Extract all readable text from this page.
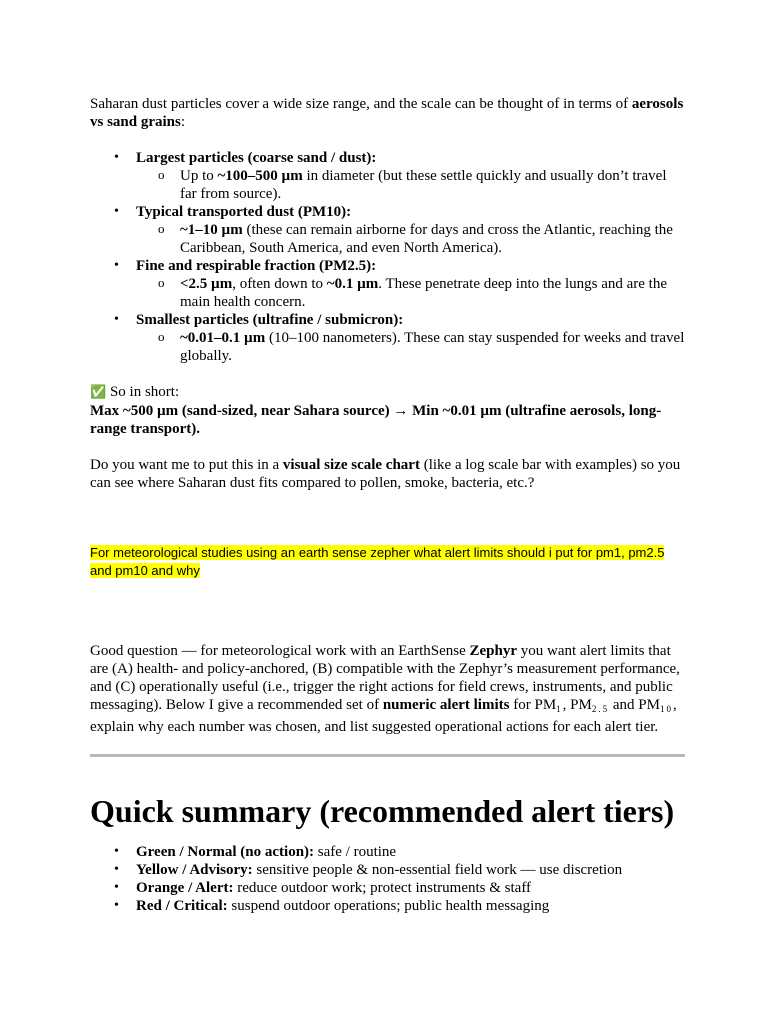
Saharan dust particles cover a wide size range, and the scale can be thought of in terms of aerosols vs sand grains:

• Largest particles (coarse sand / dust):
o Up to ~100–500 µm in diameter (but these settle quickly and usually don’t travel far from source).
• Typical transported dust (PM10):
o ~1–10 µm (these can remain airborne for days and cross the Atlantic, reaching the Caribbean, South America, and even North America).
• Fine and respirable fraction (PM2.5):
o <2.5 µm, often down to ~0.1 µm. These penetrate deep into the lungs and are the main health concern.
• Smallest particles (ultrafine / submicron):
o ~0.01–0.1 µm (10–100 nanometers). These can stay suspended for weeks and travel globally.

✅ So in short:

Max ~500 µm (sand-sized, near Sahara source) → Min ~0.01 µm (ultrafine aerosols, long-range transport).

Do you want me to put this in a visual size scale chart (like a log scale bar with examples) so you can see where Saharan dust fits compared to pollen, smoke, bacteria, etc.?

For meteorological studies using an earth sense zepher what alert limits should i put for pm1, pm2.5 and pm10 and why

Good question — for meteorological work with an EarthSense Zephyr you want alert limits that are (A) health- and policy-anchored, (B) compatible with the Zephyr’s measurement performance, and (C) operationally useful (i.e., trigger the right actions for field crews, instruments, and public messaging). Below I give a recommended set of numeric alert limits for $PM_1$, $PM_{2.5}$ and $PM_{10}$, explain why each number was chosen, and list suggested operational actions for each alert tier.

Quick summary (recommended alert tiers)
• Green / Normal (no action): safe / routine
• Yellow / Advisory: sensitive people & non-essential field work — use discretion
• Orange / Alert: reduce outdoor work; protect instruments & staff
• Red / Critical: suspend outdoor operations; public health messaging
